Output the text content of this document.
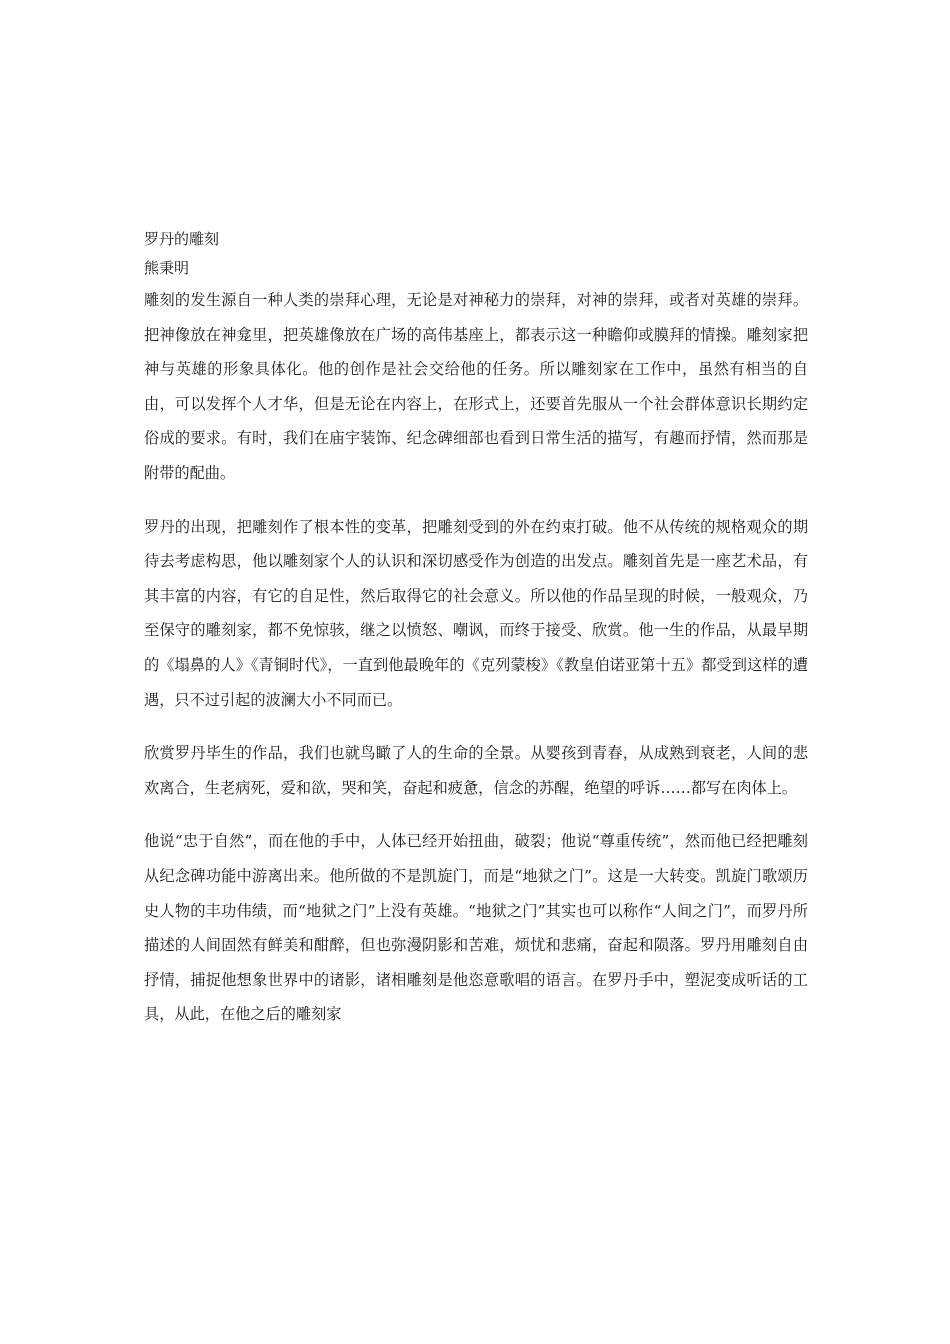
罗丹的雕刻

熊秉明

雕刻的发生源自一种人类的崇拜心理，无论是对神秘力的崇拜，对神的崇拜，或者对英雄的崇拜。把神像放在神龛里，把英雄像放在广场的高伟基座上，都表示这一种瞻仰或膜拜的情操。雕刻家把神与英雄的形象具体化。他的创作是社会交给他的任务。所以雕刻家在工作中，虽然有相当的自由，可以发挥个人才华，但是无论在内容上，在形式上，还要首先服从一个社会群体意识长期约定俗成的要求。有时，我们在庙宇装饰、纪念碑细部也看到日常生活的描写，有趣而抒情，然而那是附带的配曲。

罗丹的出现，把雕刻作了根本性的变革，把雕刻受到的外在约束打破。他不从传统的规格观众的期待去考虑构思，他以雕刻家个人的认识和深切感受作为创造的出发点。雕刻首先是一座艺术品，有其丰富的内容，有它的自足性，然后取得它的社会意义。所以他的作品呈现的时候，一般观众，乃至保守的雕刻家，都不免惊骇，继之以愤怒、嘲讽，而终于接受、欣赏。他一生的作品，从最早期的《塌鼻的人》《青铜时代》，一直到他最晚年的《克列蒙梭》《教皇伯诺亚第十五》都受到这样的遭遇，只不过引起的波澜大小不同而已。

欣赏罗丹毕生的作品，我们也就鸟瞰了人的生命的全景。从婴孩到青春，从成熟到衰老，人间的悲欢离合，生老病死，爱和欲，哭和笑，奋起和疲惫，信念的苏醒，绝望的呼诉……都写在肉体上。

他说“忠于自然”，而在他的手中，人体已经开始扭曲，破裂；他说“尊重传统”，然而他已经把雕刻从纪念碑功能中游离出来。他所做的不是凯旋门，而是“地狱之门”。这是一大转变。凯旋门歌颂历史人物的丰功伟绩，而“地狱之门”上没有英雄。“地狱之门”其实也可以称作“人间之门”，而罗丹所描述的人间固然有鲜美和酣醉，但也弥漫阴影和苦难，烦忧和悲痛，奋起和陨落。罗丹用雕刻自由抒情，捕捉他想象世界中的诸影，诸相雕刻是他恣意歌唱的语言。在罗丹手中，塑泥变成听话的工具，从此，在他之后的雕刻家
